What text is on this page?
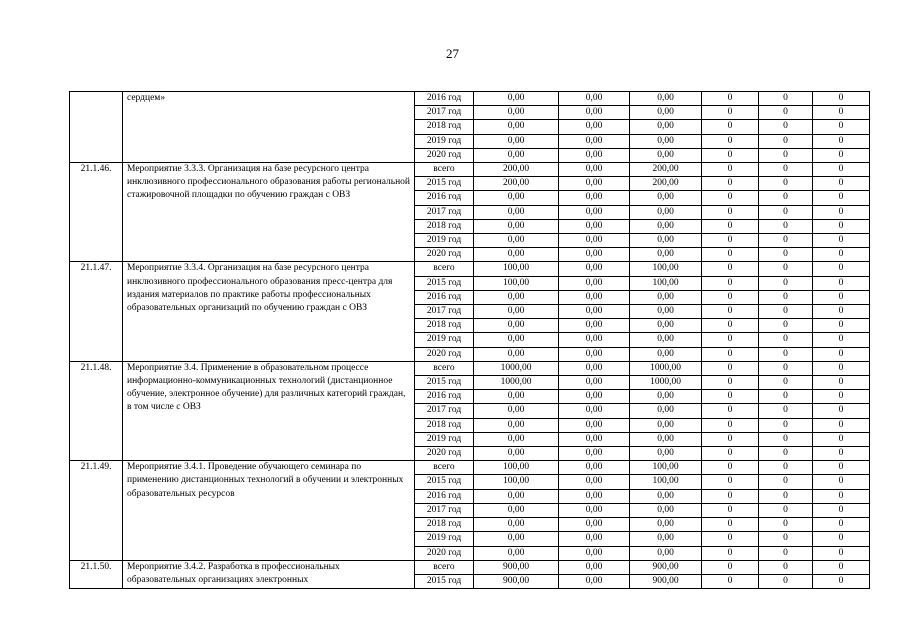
27
	сердцем»	2016 год	0,00	0,00	0,00	0	0	0
		2017 год	0,00	0,00	0,00	0	0	0
		2018 год	0,00	0,00	0,00	0	0	0
		2019 год	0,00	0,00	0,00	0	0	0
		2020 год	0,00	0,00	0,00	0	0	0
21.1.46.	Мероприятие 3.3.3. Организация на базе ресурсного центра инклюзивного профессионального образования работы региональной стажировочной площадки по обучению граждан с ОВЗ	всего	200,00	0,00	200,00	0	0	0
		2015 год	200,00	0,00	200,00	0	0	0
		2016 год	0,00	0,00	0,00	0	0	0
		2017 год	0,00	0,00	0,00	0	0	0
		2018 год	0,00	0,00	0,00	0	0	0
		2019 год	0,00	0,00	0,00	0	0	0
		2020 год	0,00	0,00	0,00	0	0	0
21.1.47.	Мероприятие 3.3.4. Организация на базе ресурсного центра инклюзивного профессионального образования пресс-центра для издания материалов по практике работы профессиональных образовательных организаций по обучению граждан с ОВЗ	всего	100,00	0,00	100,00	0	0	0
		2015 год	100,00	0,00	100,00	0	0	0
		2016 год	0,00	0,00	0,00	0	0	0
		2017 год	0,00	0,00	0,00	0	0	0
		2018 год	0,00	0,00	0,00	0	0	0
		2019 год	0,00	0,00	0,00	0	0	0
		2020 год	0,00	0,00	0,00	0	0	0
21.1.48.	Мероприятие 3.4. Применение в образовательном процессе информационно-коммуникационных технологий (дистанционное обучение, электронное обучение) для различных категорий граждан, в том числе с ОВЗ	всего	1000,00	0,00	1000,00	0	0	0
		2015 год	1000,00	0,00	1000,00	0	0	0
		2016 год	0,00	0,00	0,00	0	0	0
		2017 год	0,00	0,00	0,00	0	0	0
		2018 год	0,00	0,00	0,00	0	0	0
		2019 год	0,00	0,00	0,00	0	0	0
		2020 год	0,00	0,00	0,00	0	0	0
21.1.49.	Мероприятие 3.4.1. Проведение обучающего семинара по применению дистанционных технологий в обучении и электронных образовательных ресурсов	всего	100,00	0,00	100,00	0	0	0
		2015 год	100,00	0,00	100,00	0	0	0
		2016 год	0,00	0,00	0,00	0	0	0
		2017 год	0,00	0,00	0,00	0	0	0
		2018 год	0,00	0,00	0,00	0	0	0
		2019 год	0,00	0,00	0,00	0	0	0
		2020 год	0,00	0,00	0,00	0	0	0
21.1.50.	Мероприятие 3.4.2. Разработка в профессиональных образовательных организациях электронных	всего	900,00	0,00	900,00	0	0	0
		2015 год	900,00	0,00	900,00	0	0	0
